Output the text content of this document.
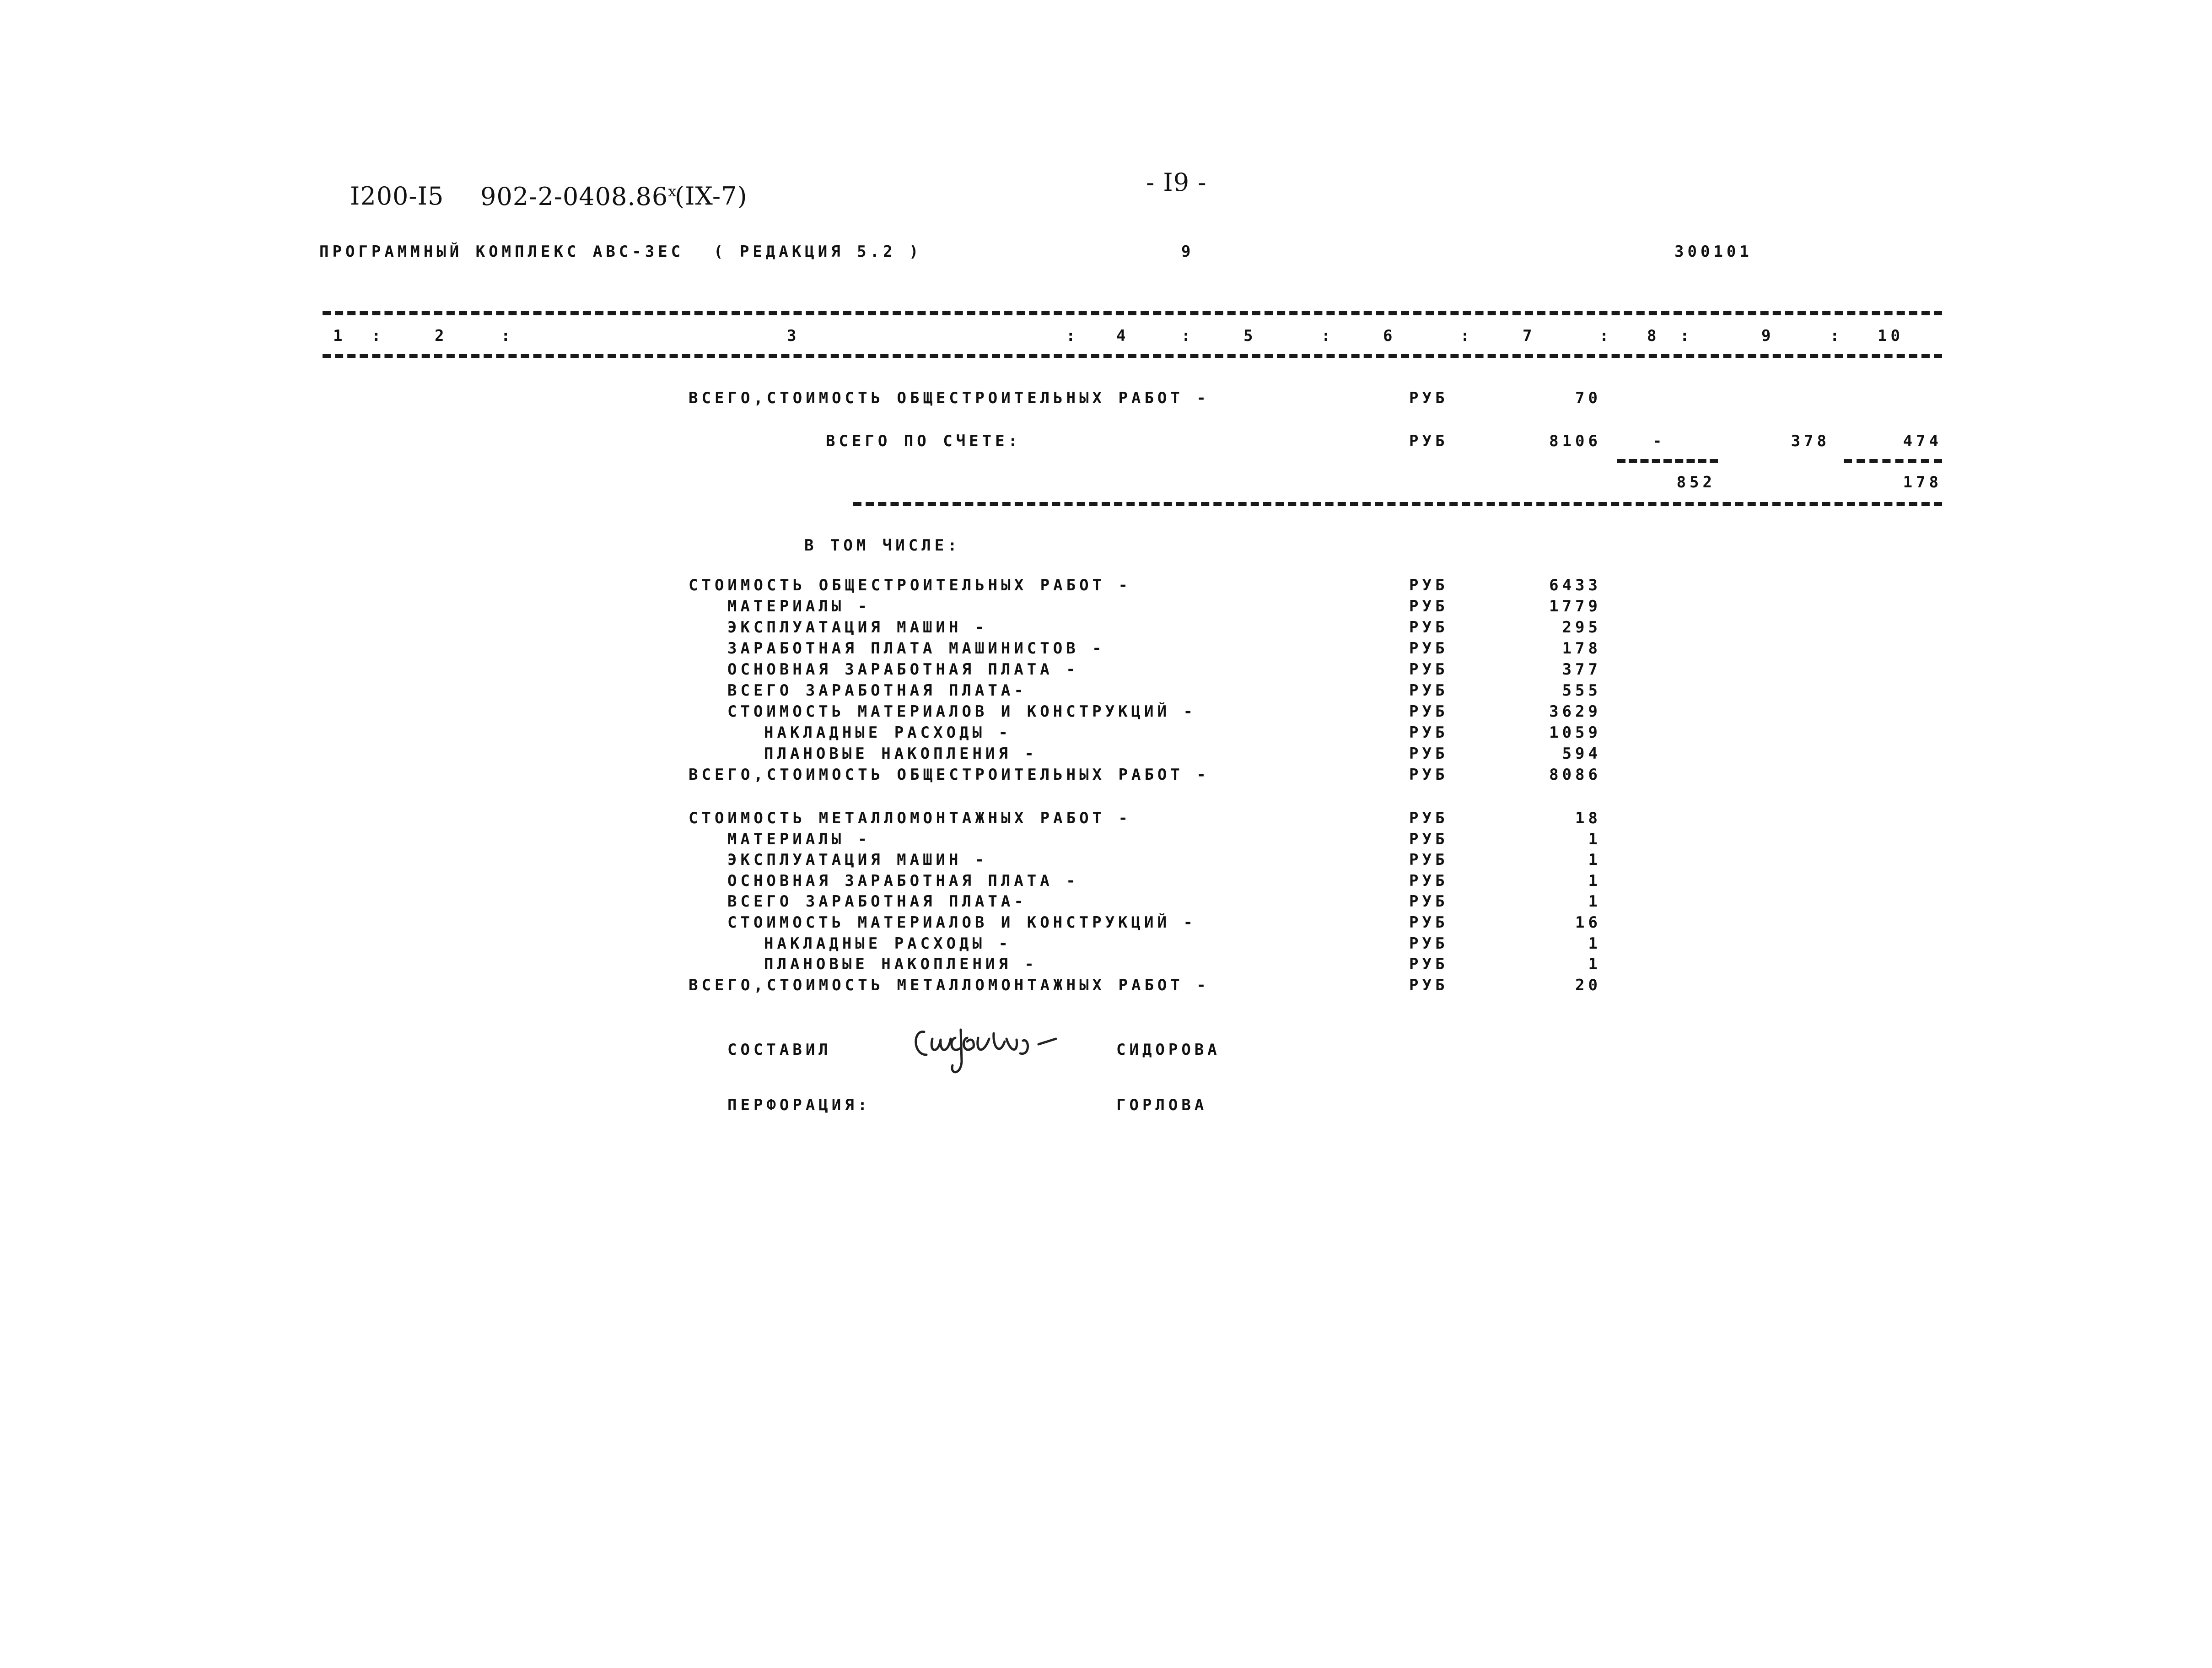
I200-I5 902-2-0408.86$^x$
(IX-7)	- I9 -
ПРОГРАММНЫЙ КОМПЛЕКС АВС-3ЕС ( РЕДАКЦИЯ 5.2 )	9	300101
1 :	2	:	3	: 4	:	5	:	6	:	7	: 8 :	9	: 10
ВСЕГО,СТОИМОСТЬ ОБЩЕСТРОИТЕЛЬНЫХ РАБОТ -	РУБ	70
ВСЕГО ПО СЧЕТЕ:	РУБ	8106	-	378	474
852	178
В ТОМ ЧИСЛЕ:
СТОИМОСТЬ ОБЩЕСТРОИТЕЛЬНЫХ РАБОТ -	РУБ	6433
МАТЕРИАЛЫ -	РУБ	1779
ЭКСПЛУАТАЦИЯ МАШИН -	РУБ	295
ЗАРАБОТНАЯ ПЛАТА МАШИНИСТОВ -	РУБ	178
ОСНОВНАЯ ЗАРАБОТНАЯ ПЛАТА -	РУБ	377
ВСЕГО ЗАРАБОТНАЯ ПЛАТА-	РУБ	555
СТОИМОСТЬ МАТЕРИАЛОВ И КОНСТРУКЦИЙ -	РУБ	3629
НАКЛАДНЫЕ РАСХОДЫ -	РУБ	1059
ПЛАНОВЫЕ НАКОПЛЕНИЯ -	РУБ	594
ВСЕГО,СТОИМОСТЬ ОБЩЕСТРОИТЕЛЬНЫХ РАБОТ -	РУБ	8086
СТОИМОСТЬ МЕТАЛЛОМОНТАЖНЫХ РАБОТ -	РУБ	18
МАТЕРИАЛЫ -	РУБ	1
ЭКСПЛУАТАЦИЯ МАШИН -	РУБ	1
ОСНОВНАЯ ЗАРАБОТНАЯ ПЛАТА -	РУБ	1
ВСЕГО ЗАРАБОТНАЯ ПЛАТА-	РУБ	1
СТОИМОСТЬ МАТЕРИАЛОВ И КОНСТРУКЦИЙ -	РУБ	16
НАКЛАДНЫЕ РАСХОДЫ -	РУБ	1
ПЛАНОВЫЕ НАКОПЛЕНИЯ -	РУБ	1
ВСЕГО,СТОИМОСТЬ МЕТАЛЛОМОНТАЖНЫХ РАБОТ -	РУБ	20
СОСТАВИЛ	СИДОРОВА
ПЕРФОРАЦИЯ:	ГОРЛОВА
